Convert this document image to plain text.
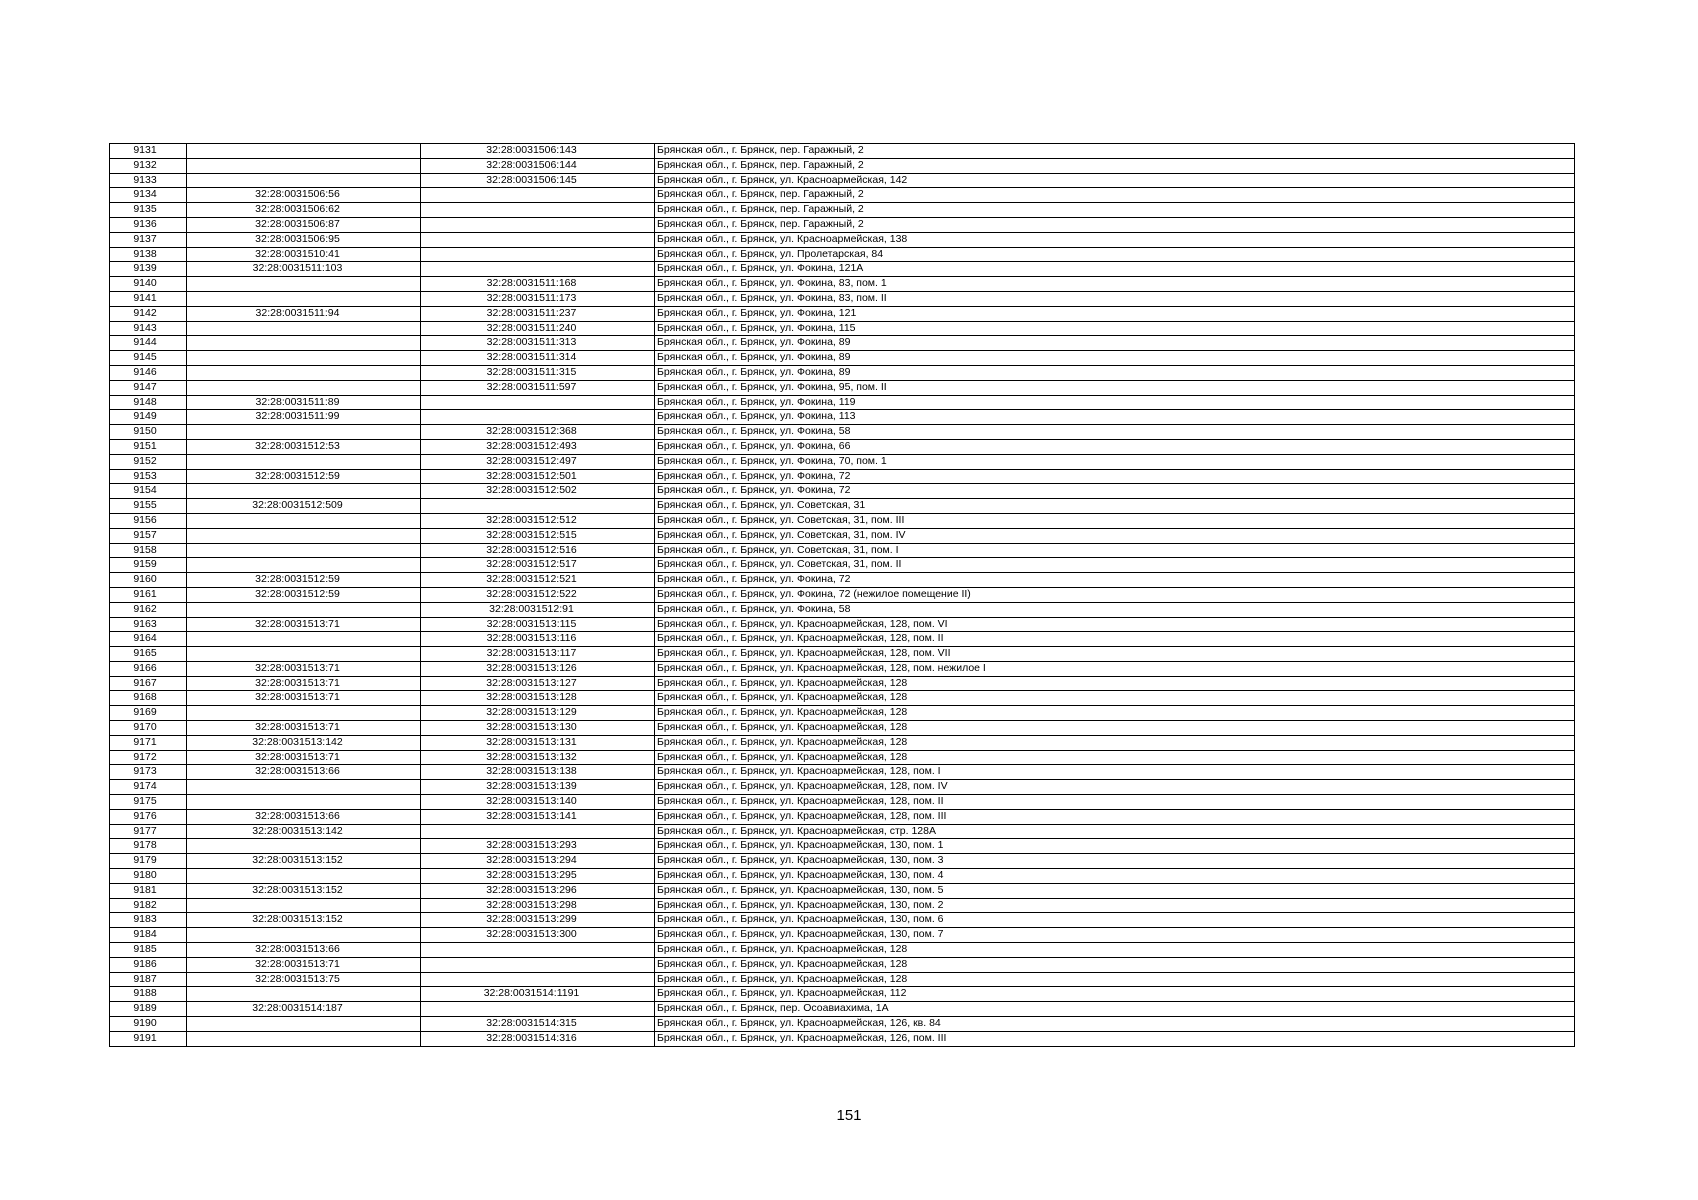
9131		32:28:0031506:143	Брянская обл., г. Брянск, пер. Гаражный, 2
9132		32:28:0031506:144	Брянская обл., г. Брянск, пер. Гаражный, 2
9133		32:28:0031506:145	Брянская обл., г. Брянск, ул. Красноармейская, 142
9134	32:28:0031506:56		Брянская обл., г. Брянск, пер. Гаражный, 2
9135	32:28:0031506:62		Брянская обл., г. Брянск, пер. Гаражный, 2
9136	32:28:0031506:87		Брянская обл., г. Брянск, пер. Гаражный, 2
9137	32:28:0031506:95		Брянская обл., г. Брянск, ул. Красноармейская, 138
9138	32:28:0031510:41		Брянская обл., г. Брянск, ул. Пролетарская, 84
9139	32:28:0031511:103		Брянская обл., г. Брянск, ул. Фокина, 121А
9140		32:28:0031511:168	Брянская обл., г. Брянск, ул. Фокина, 83, пом. 1
9141		32:28:0031511:173	Брянская обл., г. Брянск, ул. Фокина, 83, пом. II
9142	32:28:0031511:94	32:28:0031511:237	Брянская обл., г. Брянск, ул. Фокина, 121
9143		32:28:0031511:240	Брянская обл., г. Брянск, ул. Фокина, 115
9144		32:28:0031511:313	Брянская обл., г. Брянск, ул. Фокина, 89
9145		32:28:0031511:314	Брянская обл., г. Брянск, ул. Фокина, 89
9146		32:28:0031511:315	Брянская обл., г. Брянск, ул. Фокина, 89
9147		32:28:0031511:597	Брянская обл., г. Брянск, ул. Фокина, 95, пом. II
9148	32:28:0031511:89		Брянская обл., г. Брянск, ул. Фокина, 119
9149	32:28:0031511:99		Брянская обл., г. Брянск, ул. Фокина, 113
9150		32:28:0031512:368	Брянская обл., г. Брянск, ул. Фокина, 58
9151	32:28:0031512:53	32:28:0031512:493	Брянская обл., г. Брянск, ул. Фокина, 66
9152		32:28:0031512:497	Брянская обл., г. Брянск, ул. Фокина, 70, пом. 1
9153	32:28:0031512:59	32:28:0031512:501	Брянская обл., г. Брянск, ул. Фокина, 72
9154		32:28:0031512:502	Брянская обл., г. Брянск, ул. Фокина, 72
9155	32:28:0031512:509		Брянская обл., г. Брянск, ул. Советская, 31
9156		32:28:0031512:512	Брянская обл., г. Брянск, ул. Советская, 31, пом. III
9157		32:28:0031512:515	Брянская обл., г. Брянск, ул. Советская, 31, пом. IV
9158		32:28:0031512:516	Брянская обл., г. Брянск, ул. Советская, 31, пом. I
9159		32:28:0031512:517	Брянская обл., г. Брянск, ул. Советская, 31, пом. II
9160	32:28:0031512:59	32:28:0031512:521	Брянская обл., г. Брянск, ул. Фокина, 72
9161	32:28:0031512:59	32:28:0031512:522	Брянская обл., г. Брянск, ул. Фокина, 72 (нежилое помещение II)
9162		32:28:0031512:91	Брянская обл., г. Брянск, ул. Фокина, 58
9163	32:28:0031513:71	32:28:0031513:115	Брянская обл., г. Брянск, ул. Красноармейская, 128, пом. VI
9164		32:28:0031513:116	Брянская обл., г. Брянск, ул. Красноармейская, 128, пом. II
9165		32:28:0031513:117	Брянская обл., г. Брянск, ул. Красноармейская, 128, пом. VII
9166	32:28:0031513:71	32:28:0031513:126	Брянская обл., г. Брянск, ул. Красноармейская, 128, пом. нежилое I
9167	32:28:0031513:71	32:28:0031513:127	Брянская обл., г. Брянск, ул. Красноармейская, 128
9168	32:28:0031513:71	32:28:0031513:128	Брянская обл., г. Брянск, ул. Красноармейская, 128
9169		32:28:0031513:129	Брянская обл., г. Брянск, ул. Красноармейская, 128
9170	32:28:0031513:71	32:28:0031513:130	Брянская обл., г. Брянск, ул. Красноармейская, 128
9171	32:28:0031513:142	32:28:0031513:131	Брянская обл., г. Брянск, ул. Красноармейская, 128
9172	32:28:0031513:71	32:28:0031513:132	Брянская обл., г. Брянск, ул. Красноармейская, 128
9173	32:28:0031513:66	32:28:0031513:138	Брянская обл., г. Брянск, ул. Красноармейская, 128, пом. I
9174		32:28:0031513:139	Брянская обл., г. Брянск, ул. Красноармейская, 128, пом. IV
9175		32:28:0031513:140	Брянская обл., г. Брянск, ул. Красноармейская, 128, пом. II
9176	32:28:0031513:66	32:28:0031513:141	Брянская обл., г. Брянск, ул. Красноармейская, 128, пом. III
9177	32:28:0031513:142		Брянская обл., г. Брянск, ул. Красноармейская, стр. 128А
9178		32:28:0031513:293	Брянская обл., г. Брянск, ул. Красноармейская, 130, пом. 1
9179	32:28:0031513:152	32:28:0031513:294	Брянская обл., г. Брянск, ул. Красноармейская, 130, пом. 3
9180		32:28:0031513:295	Брянская обл., г. Брянск, ул. Красноармейская, 130, пом. 4
9181	32:28:0031513:152	32:28:0031513:296	Брянская обл., г. Брянск, ул. Красноармейская, 130, пом. 5
9182		32:28:0031513:298	Брянская обл., г. Брянск, ул. Красноармейская, 130, пом. 2
9183	32:28:0031513:152	32:28:0031513:299	Брянская обл., г. Брянск, ул. Красноармейская, 130, пом. 6
9184		32:28:0031513:300	Брянская обл., г. Брянск, ул. Красноармейская, 130, пом. 7
9185	32:28:0031513:66		Брянская обл., г. Брянск, ул. Красноармейская, 128
9186	32:28:0031513:71		Брянская обл., г. Брянск, ул. Красноармейская, 128
9187	32:28:0031513:75		Брянская обл., г. Брянск, ул. Красноармейская, 128
9188		32:28:0031514:1191	Брянская обл., г. Брянск, ул. Красноармейская, 112
9189	32:28:0031514:187		Брянская обл., г. Брянск, пер. Осоавиахима, 1А
9190		32:28:0031514:315	Брянская обл., г. Брянск, ул. Красноармейская, 126, кв. 84
9191		32:28:0031514:316	Брянская обл., г. Брянск, ул. Красноармейская, 126, пом. III
151
